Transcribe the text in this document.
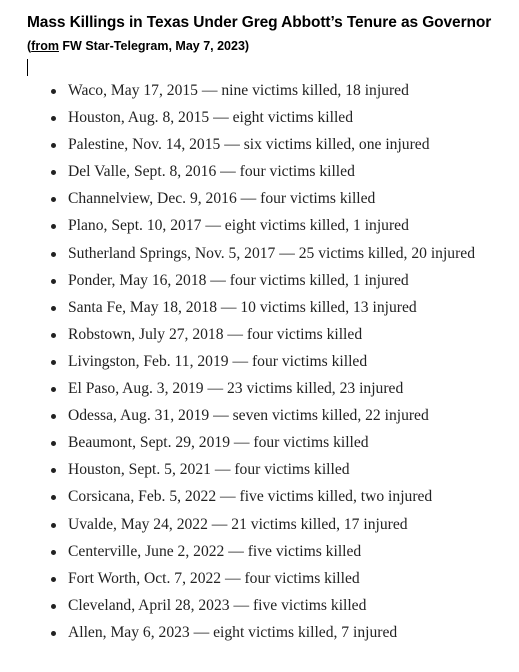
Mass Killings in Texas Under Greg Abbott’s Tenure as Governor
(from FW Star-Telegram, May 7, 2023)
Waco, May 17, 2015 — nine victims killed, 18 injured
Houston, Aug. 8, 2015 — eight victims killed
Palestine, Nov. 14, 2015 — six victims killed, one injured
Del Valle, Sept. 8, 2016 — four victims killed
Channelview, Dec. 9, 2016 — four victims killed
Plano, Sept. 10, 2017 — eight victims killed, 1 injured
Sutherland Springs, Nov. 5, 2017 — 25 victims killed, 20 injured
Ponder, May 16, 2018 — four victims killed, 1 injured
Santa Fe, May 18, 2018 — 10 victims killed, 13 injured
Robstown, July 27, 2018 — four victims killed
Livingston, Feb. 11, 2019 — four victims killed
El Paso, Aug. 3, 2019 — 23 victims killed, 23 injured
Odessa, Aug. 31, 2019 — seven victims killed, 22 injured
Beaumont, Sept. 29, 2019 — four victims killed
Houston, Sept. 5, 2021 — four victims killed
Corsicana, Feb. 5, 2022 — five victims killed, two injured
Uvalde, May 24, 2022 — 21 victims killed, 17 injured
Centerville, June 2, 2022 — five victims killed
Fort Worth, Oct. 7, 2022 — four victims killed
Cleveland, April 28, 2023 — five victims killed
Allen, May 6, 2023 — eight victims killed, 7 injured
